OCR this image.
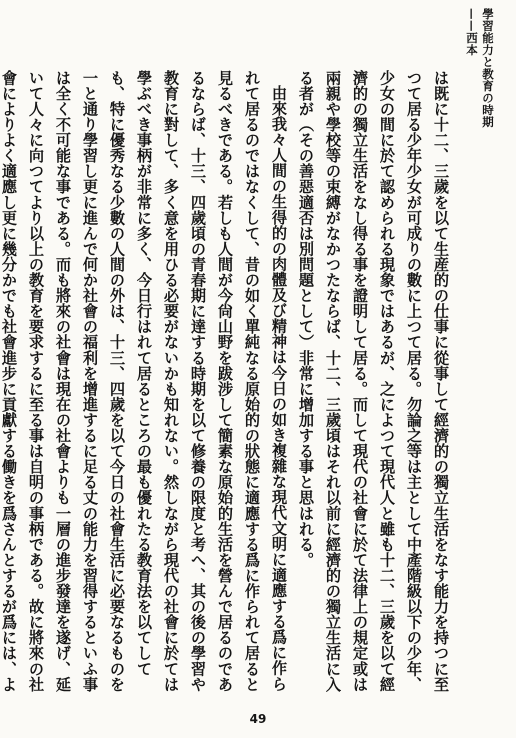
學習能力と教育の時期——西本

は既に十二、三歲を以て生産的の仕事に從事して經濟的の獨立生活をなす能力を持つに至つて居る少年少女が可成りの數に上つて居る。勿論之等は主として中產階級以下の少年、少女の間に於て認められる現象ではあるが、之によつて現代人と雖も十二、三歲を以て經濟的の獨立生活をなし得る事を證明して居る。而して現代の社會に於て法律上の規定或は兩親や學校等の束縛がなかつたならば、十二、三歲頃はそれ以前に經濟的の獨立生活に入る者が（その善惡適否は別問題として）非常に增加する事と思はれる。

由來我々人間の生得的の肉體及び精神は今日の如き複雜な現代文明に適應する爲に作られて居るのではなくして、昔の如く單純なる原始的の狀態に適應する爲に作られて居ると見るべきである。若しも人間が今尙山野を跋涉して簡素な原始的生活を營んで居るのであるならば、十三、四歲頃の青春期に達する時期を以て修養の限度と考へ、其の後の學習や教育に對して、多く意を用ひる必要がないかも知れない。然しながら現代の社會に於ては學ぶべき事柄が非常に多く、今日行はれて居るところの最も優れたる教育法を以てしても、特に優秀なる少數の人間の外は、十三、四歲を以て今日の社會生活に必要なるものを一と通り學習し更に進んで何か社會の福利を增進するに足る丈の能力を習得するといふ事は全く不可能な事である。而も將來の社會は現在の社會よりも一層の進步發達を遂げ、延いて人々に向つてより以上の教育を要求するに至る事は自明の事柄である。故に將來の社會によりよく適應し更に幾分かでも社會進步に貢獻する働きを爲さんとするが爲には、よ

49
